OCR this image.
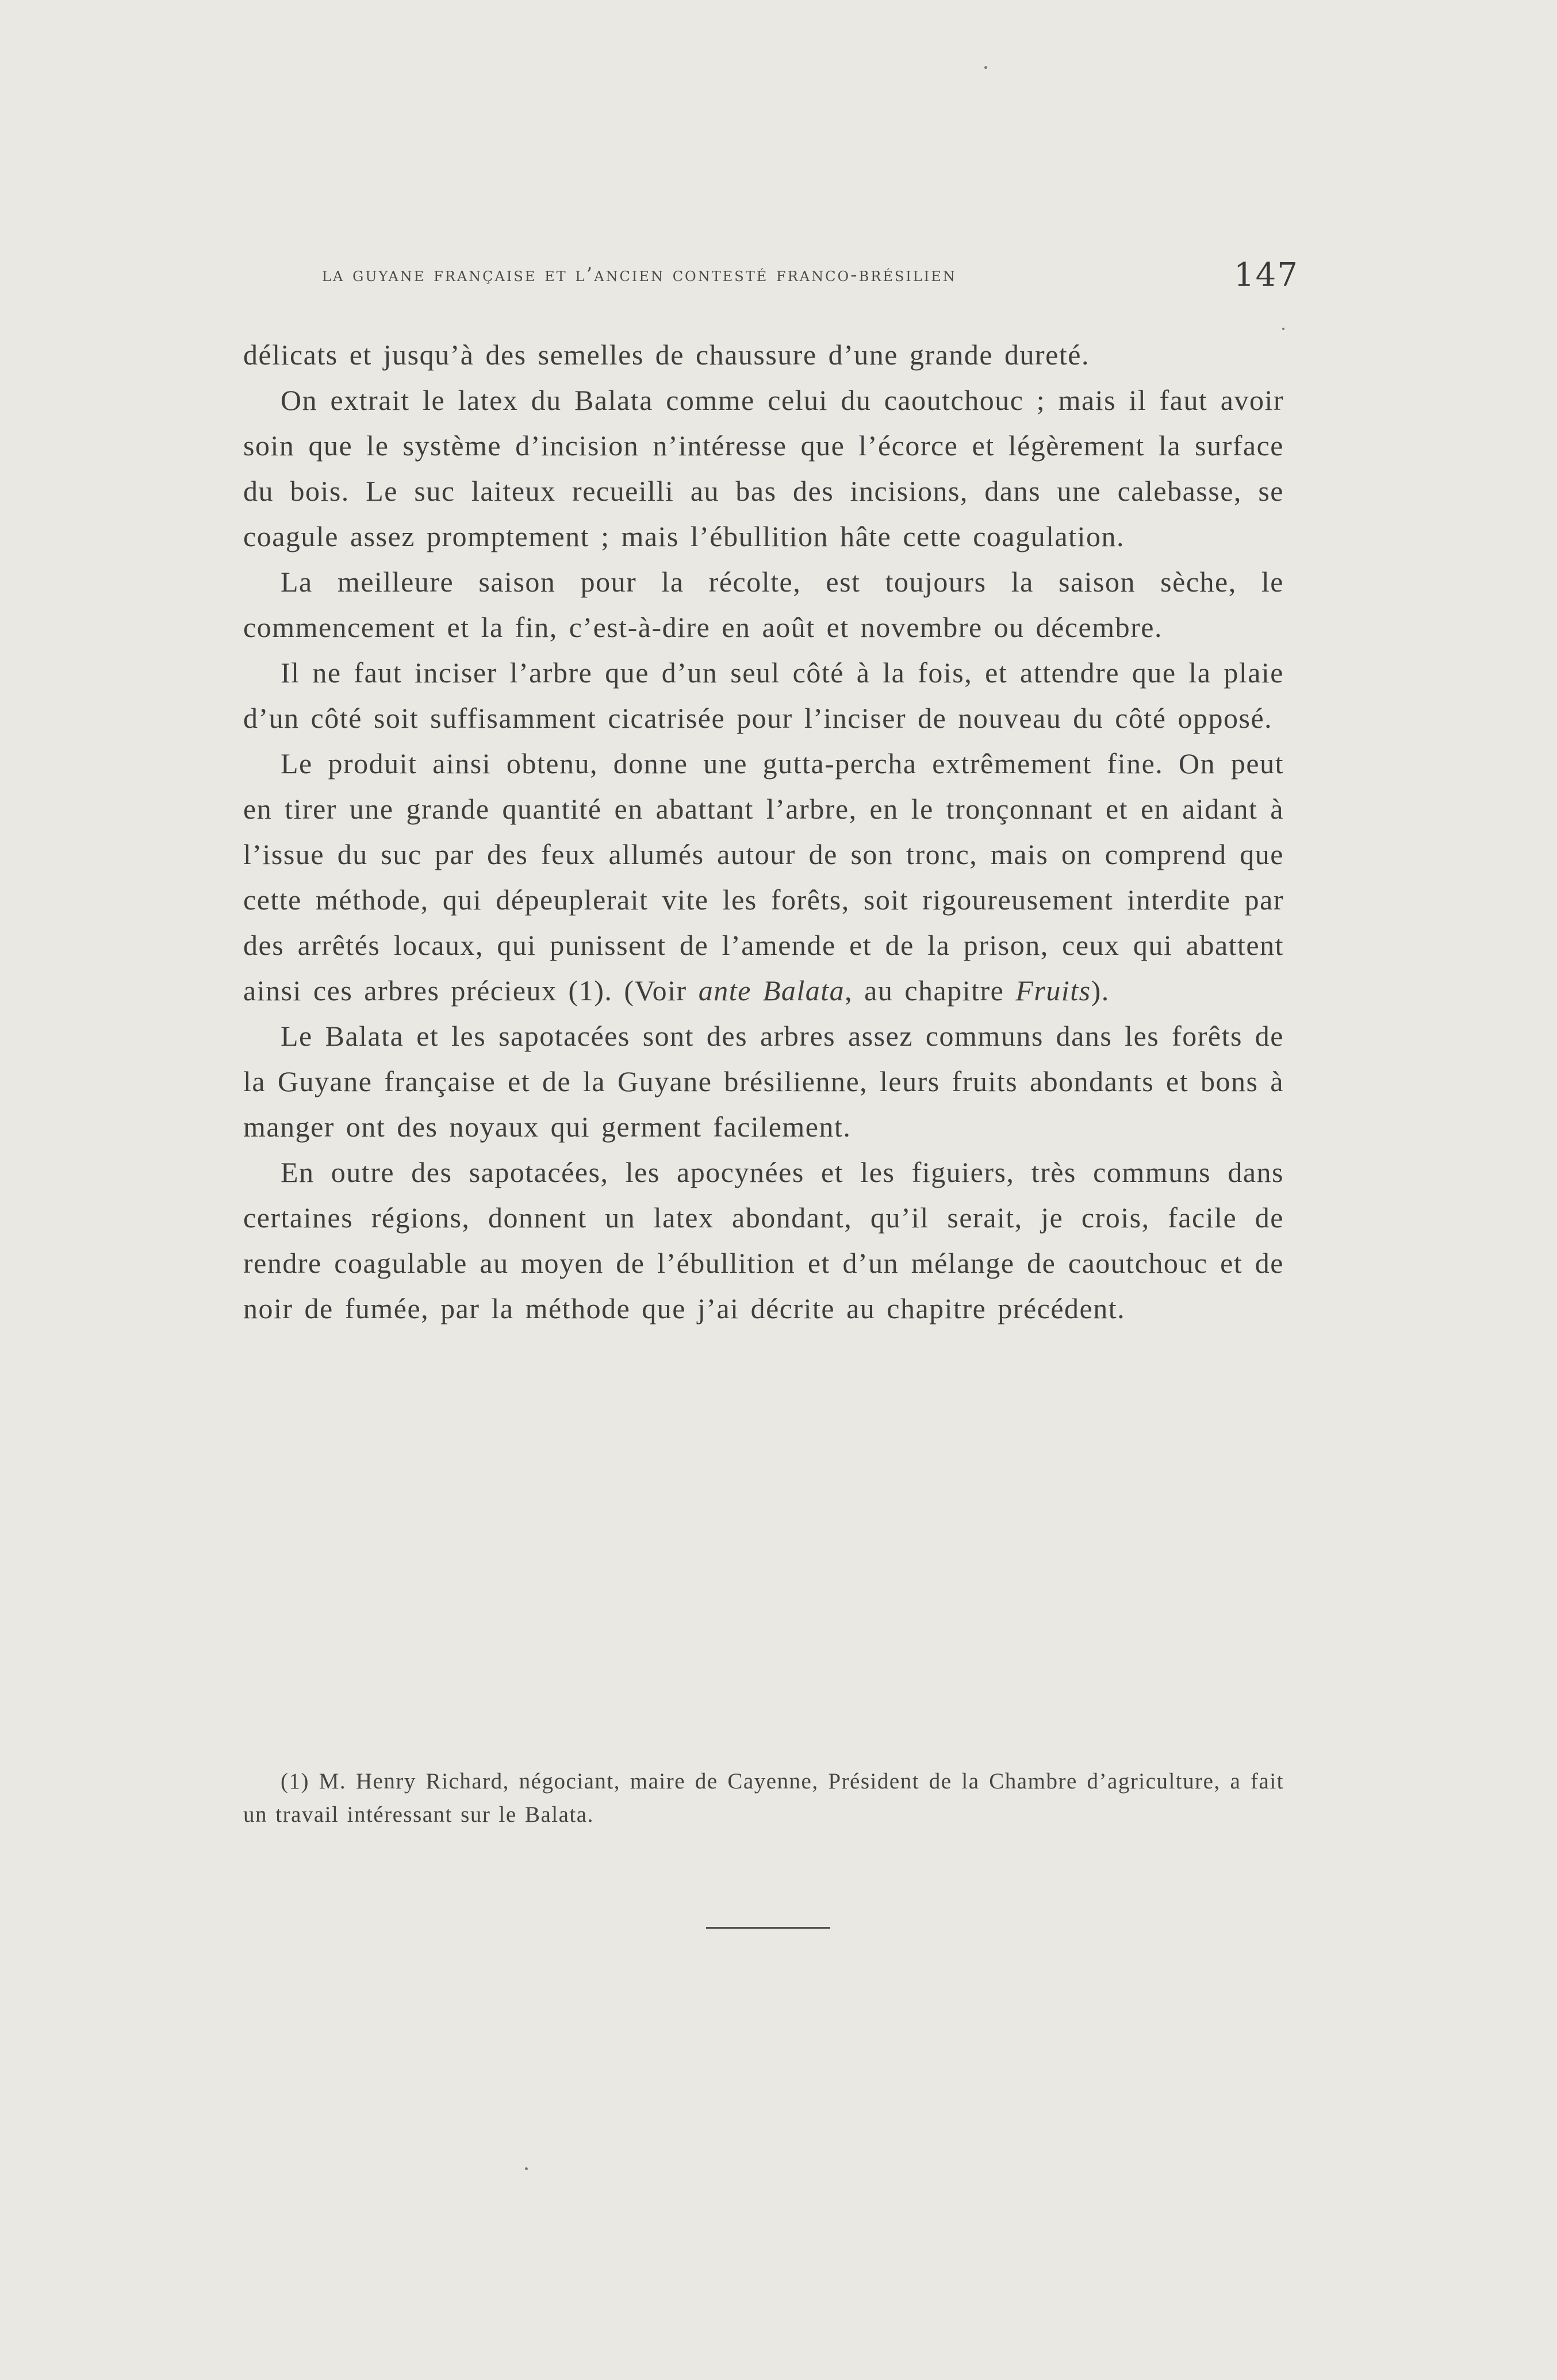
la guyane française et l’ancien contesté franco-brésilien	147

délicats et jusqu’à des semelles de chaussure d’une grande dureté.

On extrait le latex du Balata comme celui du caoutchouc ; mais il faut avoir soin que le système d’incision n’intéresse que l’écorce et légèrement la surface du bois. Le suc laiteux recueilli au bas des incisions, dans une calebasse, se coagule assez promptement ; mais l’ébullition hâte cette coagulation.

La meilleure saison pour la récolte, est toujours la saison sèche, le commencement et la fin, c’est-à-dire en août et novembre ou décembre.

Il ne faut inciser l’arbre que d’un seul côté à la fois, et attendre que la plaie d’un côté soit suffisamment cicatrisée pour l’inciser de nouveau du côté opposé.

Le produit ainsi obtenu, donne une gutta-percha extrêmement fine. On peut en tirer une grande quantité en abattant l’arbre, en le tronçonnant et en aidant à l’issue du suc par des feux allumés autour de son tronc, mais on comprend que cette méthode, qui dépeuplerait vite les forêts, soit rigoureusement interdite par des arrêtés locaux, qui punissent de l’amende et de la prison, ceux qui abattent ainsi ces arbres précieux (1). (Voir ante Balata, au chapitre Fruits).

Le Balata et les sapotacées sont des arbres assez communs dans les forêts de la Guyane française et de la Guyane brésilienne, leurs fruits abondants et bons à manger ont des noyaux qui germent facilement.

En outre des sapotacées, les apocynées et les figuiers, très communs dans certaines régions, donnent un latex abondant, qu’il serait, je crois, facile de rendre coagulable au moyen de l’ébullition et d’un mélange de caoutchouc et de noir de fumée, par la méthode que j’ai décrite au chapitre précédent.

(1) M. Henry Richard, négociant, maire de Cayenne, Président de la Chambre d’agriculture, a fait un travail intéressant sur le Balata.
